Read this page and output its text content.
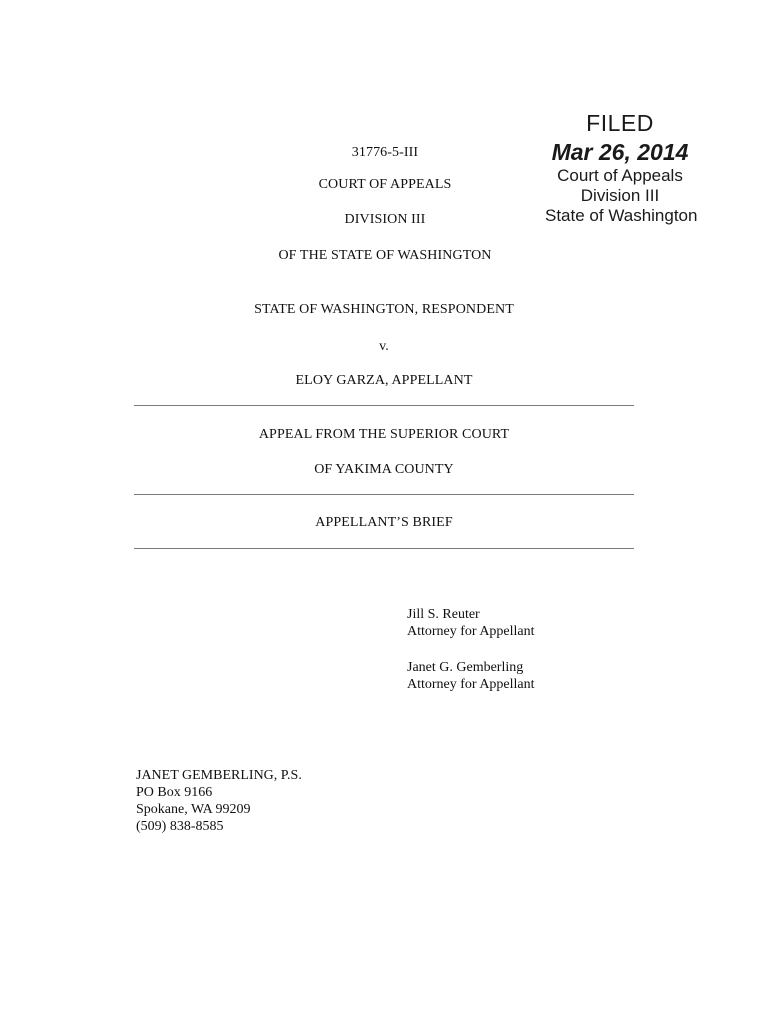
FILED
Mar 26, 2014
Court of Appeals
Division III
State of Washington
31776-5-III
COURT OF APPEALS
DIVISION III
OF THE STATE OF WASHINGTON
STATE OF WASHINGTON, RESPONDENT
v.
ELOY GARZA, APPELLANT
APPEAL FROM THE SUPERIOR COURT
OF YAKIMA COUNTY
APPELLANT’S BRIEF
Jill S. Reuter
Attorney for Appellant
Janet G. Gemberling
Attorney for Appellant
JANET GEMBERLING, P.S.
PO Box 9166
Spokane, WA 99209
(509) 838-8585
